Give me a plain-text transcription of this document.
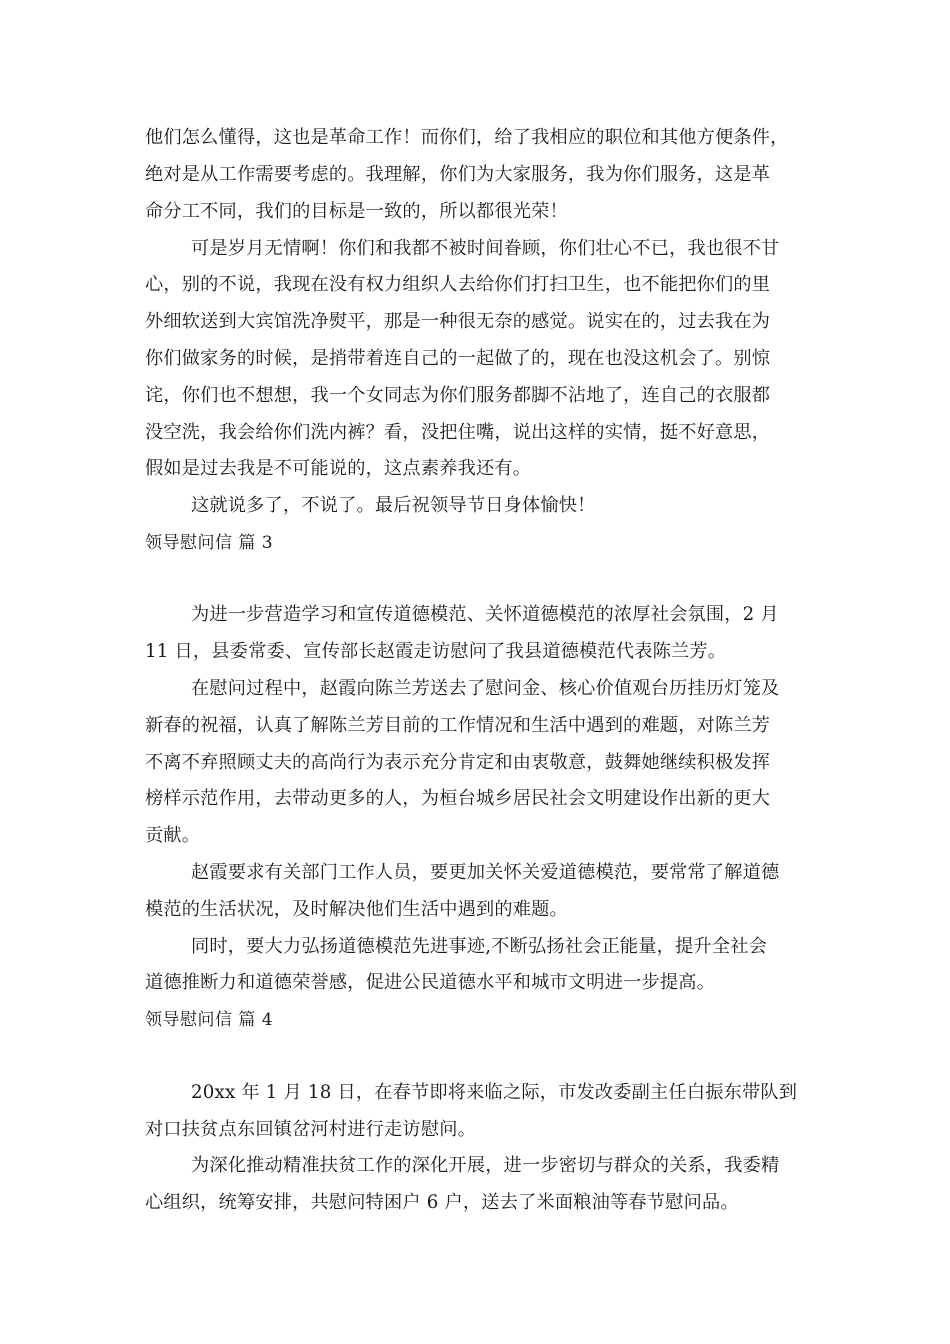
他们怎么懂得，这也是革命工作！而你们，给了我相应的职位和其他方便条件，
绝对是从工作需要考虑的。我理解，你们为大家服务，我为你们服务，这是革
命分工不同，我们的目标是一致的，所以都很光荣！
可是岁月无情啊！你们和我都不被时间眷顾，你们壮心不已，我也很不甘
心，别的不说，我现在没有权力组织人去给你们打扫卫生，也不能把你们的里
外细软送到大宾馆洗净熨平，那是一种很无奈的感觉。说实在的，过去我在为
你们做家务的时候，是捎带着连自己的一起做了的，现在也没这机会了。别惊
诧，你们也不想想，我一个女同志为你们服务都脚不沾地了，连自己的衣服都
没空洗，我会给你们洗内裤？看，没把住嘴，说出这样的实情，挺不好意思，
假如是过去我是不可能说的，这点素养我还有。
这就说多了，不说了。最后祝领导节日身体愉快！
领导慰问信 篇 3
为进一步营造学习和宣传道德模范、关怀道德模范的浓厚社会氛围，2 月
11 日，县委常委、宣传部长赵霞走访慰问了我县道德模范代表陈兰芳。
在慰问过程中，赵霞向陈兰芳送去了慰问金、核心价值观台历挂历灯笼及
新春的祝福，认真了解陈兰芳目前的工作情况和生活中遇到的难题，对陈兰芳
不离不弃照顾丈夫的高尚行为表示充分肯定和由衷敬意，鼓舞她继续积极发挥
榜样示范作用，去带动更多的人，为桓台城乡居民社会文明建设作出新的更大
贡献。
赵霞要求有关部门工作人员，要更加关怀关爱道德模范，要常常了解道德
模范的生活状况，及时解决他们生活中遇到的难题。
同时，要大力弘扬道德模范先进事迹,不断弘扬社会正能量，提升全社会
道德推断力和道德荣誉感，促进公民道德水平和城市文明进一步提高。
领导慰问信 篇 4
20xx 年 1 月 18 日，在春节即将来临之际，市发改委副主任白振东带队到
对口扶贫点东回镇岔河村进行走访慰问。
为深化推动精准扶贫工作的深化开展，进一步密切与群众的关系，我委精
心组织，统筹安排，共慰问特困户 6 户，送去了米面粮油等春节慰问品。
